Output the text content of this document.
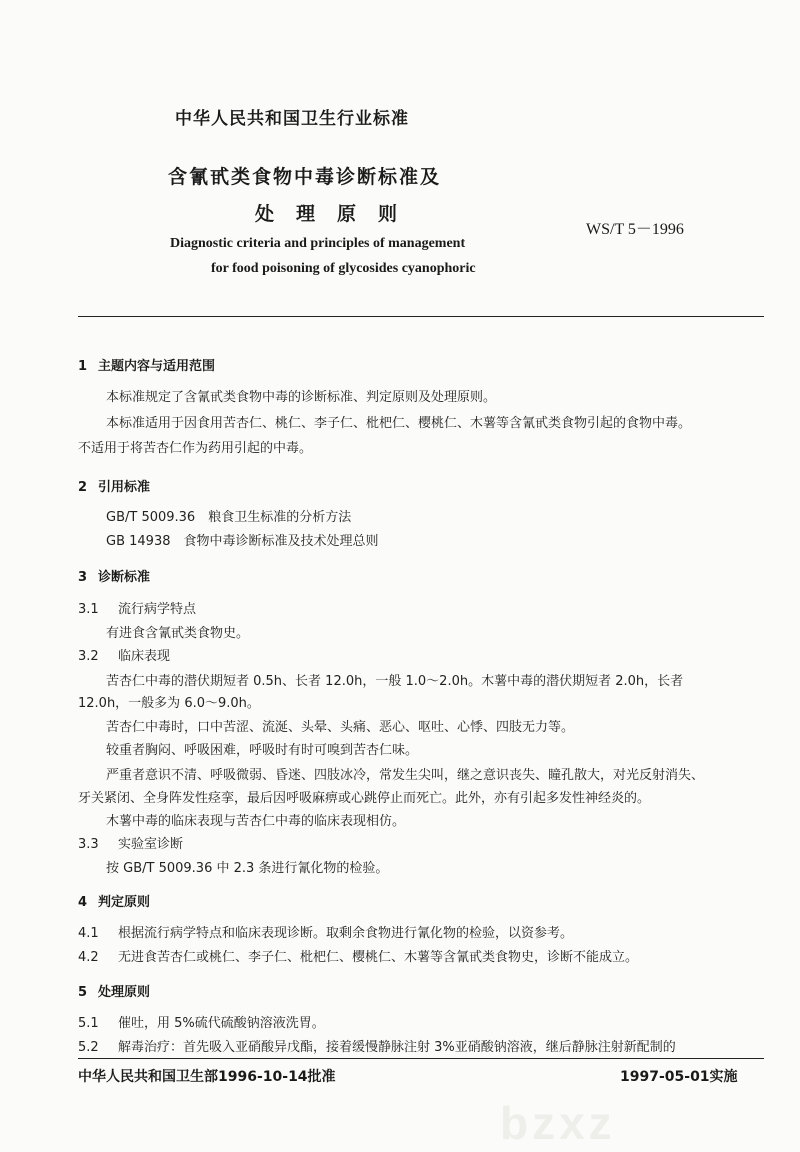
中华人民共和国卫生行业标准
含氰甙类食物中毒诊断标准及
处理原则
WS/T 5－1996
Diagnostic criteria and principles of management
for food poisoning of glycosides cyanophoric
1 主题内容与适用范围
本标准规定了含氰甙类食物中毒的诊断标准、判定原则及处理原则。
本标准适用于因食用苦杏仁、桃仁、李子仁、枇杷仁、樱桃仁、木薯等含氰甙类食物引起的食物中毒。
不适用于将苦杏仁作为药用引起的中毒。
2 引用标准
GB/T 5009.36　粮食卫生标准的分析方法
GB 14938　食物中毒诊断标准及技术处理总则
3 诊断标准
3.1 流行病学特点
有进食含氰甙类食物史。
3.2 临床表现
苦杏仁中毒的潜伏期短者 0.5h、长者 12.0h，一般 1.0～2.0h。木薯中毒的潜伏期短者 2.0h，长者
12.0h，一般多为 6.0～9.0h。
苦杏仁中毒时，口中苦涩、流涎、头晕、头痛、恶心、呕吐、心悸、四肢无力等。
较重者胸闷、呼吸困难，呼吸时有时可嗅到苦杏仁味。
严重者意识不清、呼吸微弱、昏迷、四肢冰冷，常发生尖叫，继之意识丧失、瞳孔散大，对光反射消失、
牙关紧闭、全身阵发性痉挛，最后因呼吸麻痹或心跳停止而死亡。此外，亦有引起多发性神经炎的。
木薯中毒的临床表现与苦杏仁中毒的临床表现相仿。
3.3 实验室诊断
按 GB/T 5009.36 中 2.3 条进行氰化物的检验。
4 判定原则
4.1 根据流行病学特点和临床表现诊断。取剩余食物进行氰化物的检验，以资参考。
4.2 无进食苦杏仁或桃仁、李子仁、枇杷仁、樱桃仁、木薯等含氰甙类食物史，诊断不能成立。
5 处理原则
5.1 催吐，用 5%硫代硫酸钠溶液洗胃。
5.2 解毒治疗：首先吸入亚硝酸异戊酯，接着缓慢静脉注射 3%亚硝酸钠溶液，继后静脉注射新配制的
bzxz
中华人民共和国卫生部1996-10-14批准	1997-05-01实施
